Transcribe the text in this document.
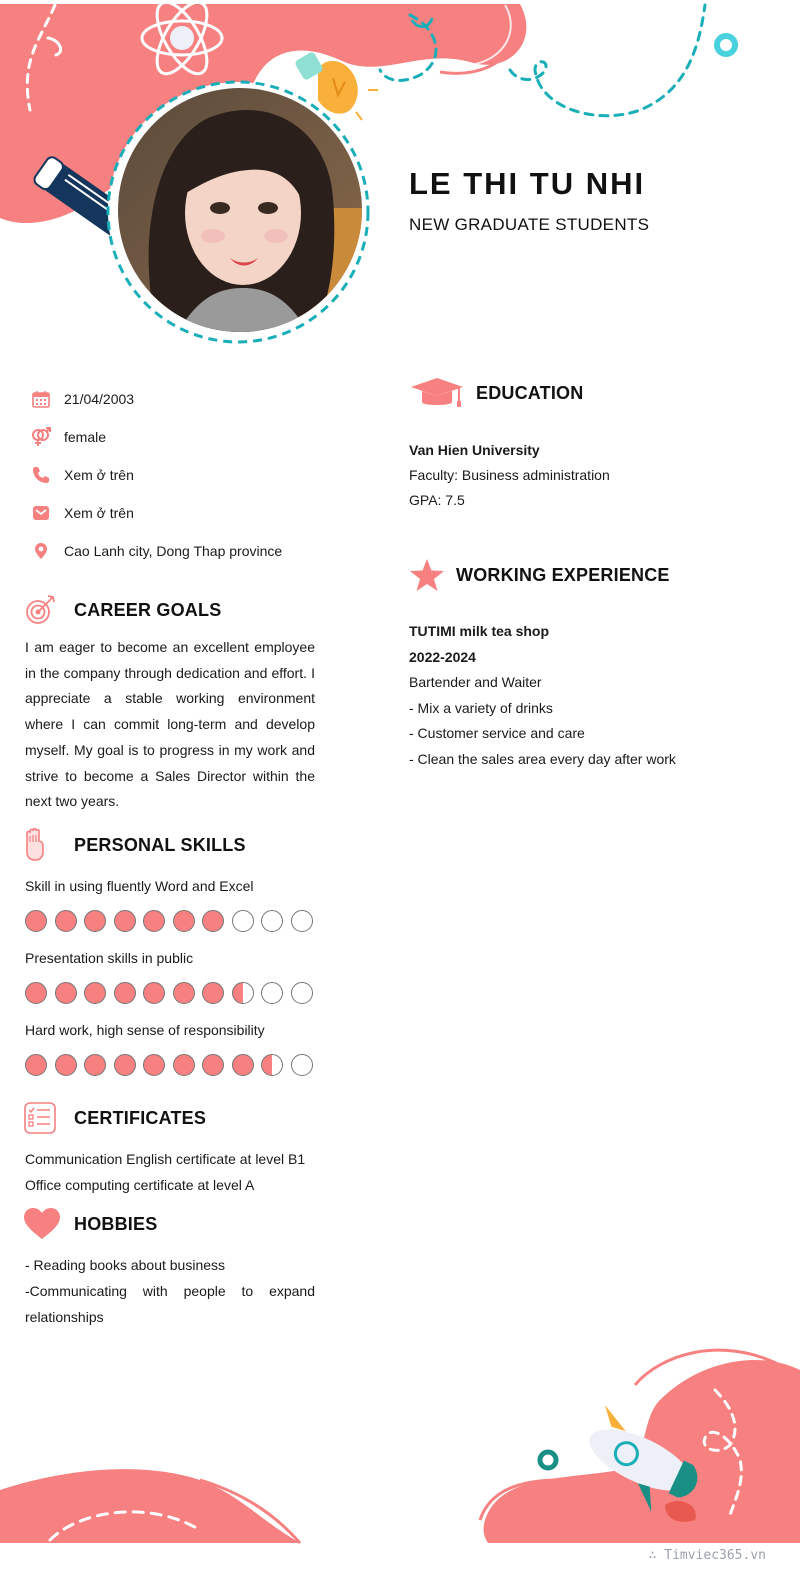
LE THI TU NHI
NEW GRADUATE STUDENTS
21/04/2003
female
Xem ở trên
Xem ở trên
Cao Lanh city, Dong Thap province
CAREER GOALS
I am eager to become an excellent employee in the company through dedication and effort. I appreciate a stable working environment where I can commit long-term and develop myself. My goal is to progress in my work and strive to become a Sales Director within the next two years.
PERSONAL SKILLS
Skill in using fluently Word and Excel
Presentation skills in public
Hard work, high sense of responsibility
CERTIFICATES
Communication English certificate at level B1
Office computing certificate at level A
HOBBIES
- Reading books about business
-Communicating with people to expand relationships
EDUCATION
Van Hien University
Faculty: Business administration
GPA: 7.5
WORKING EXPERIENCE
TUTIMI milk tea shop
2022-2024
Bartender and Waiter
- Mix a variety of drinks
- Customer service and care
- Clean the sales area every day after work
∴ Timviec365.vn
